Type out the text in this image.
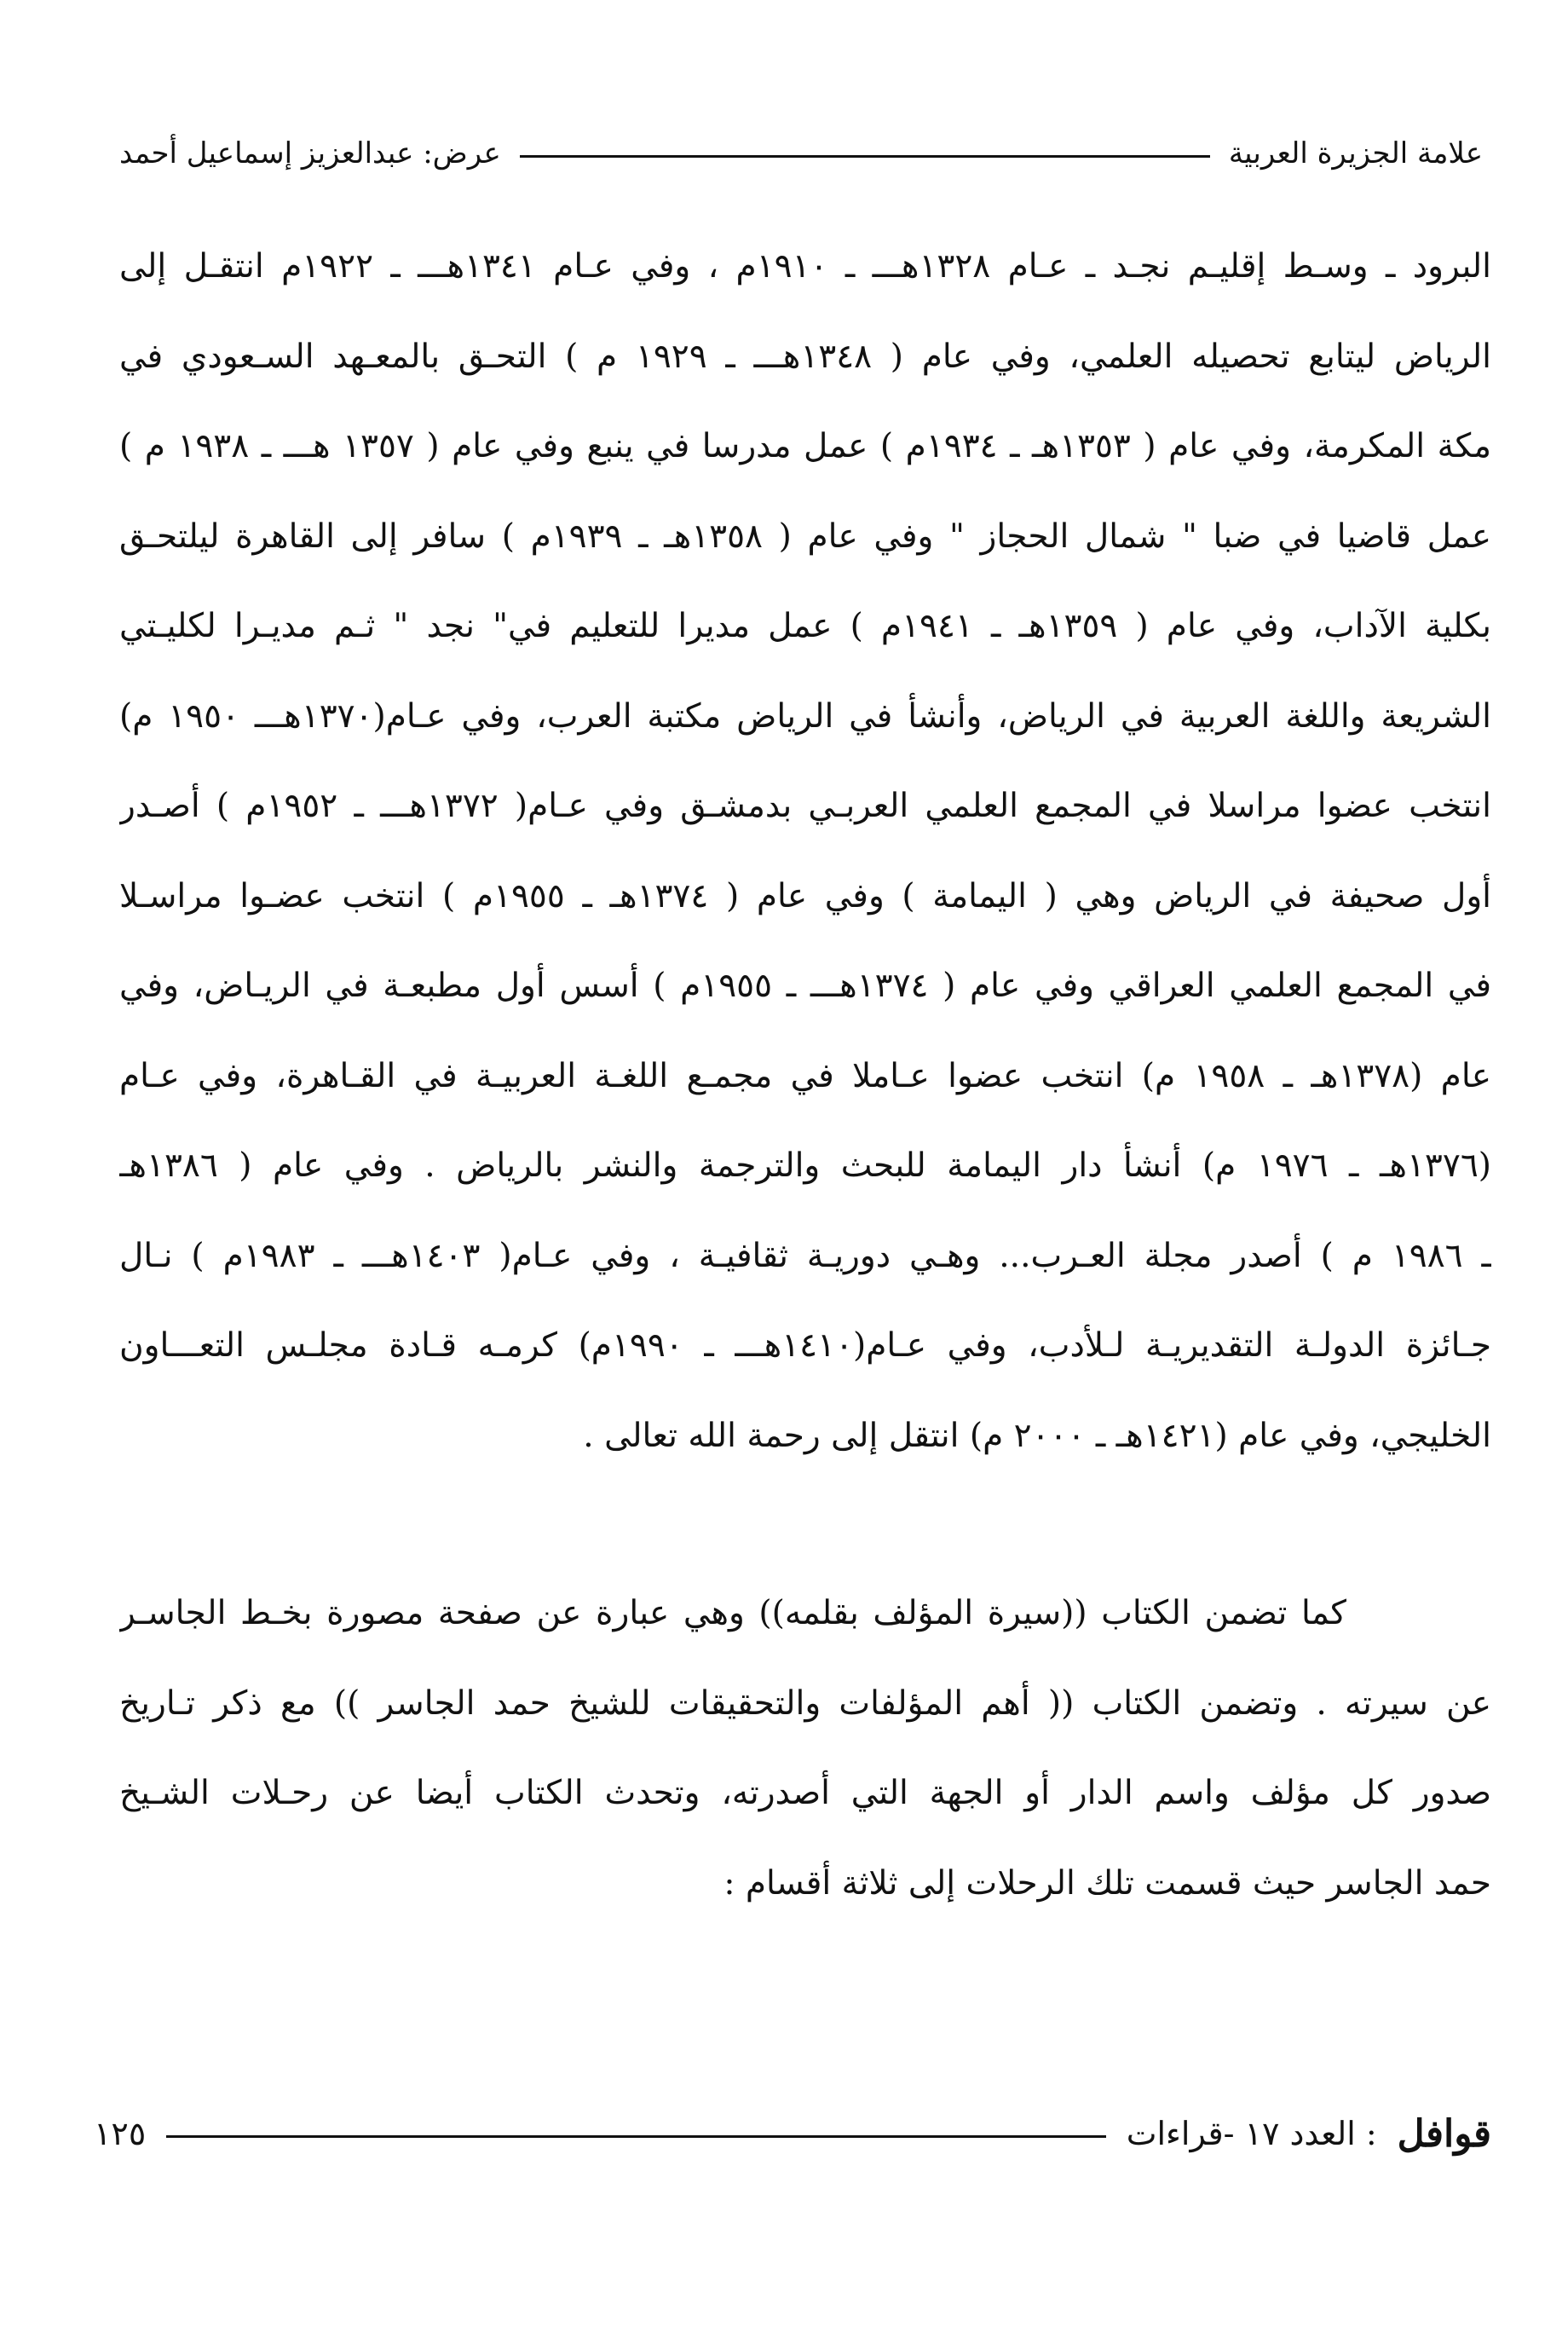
علامة الجزيرة العربية
عرض: عبدالعزيز إسماعيل أحمد
البرود ـ وسـط إقليـم نجـد ـ عـام ١٣٢٨هـــ ـ ١٩١٠م ، وفي عـام ١٣٤١هـــ ـ ١٩٢٢م انتقـل إلى
الرياض ليتابع تحصيله العلمي، وفي عام ( ١٣٤٨هـــ ـ ١٩٢٩ م ) التحـق بالمعـهد السـعودي في
مكة المكرمة، وفي عام ( ١٣٥٣هـ ـ ١٩٣٤م ) عمل مدرسا في ينبع وفي عام ( ١٣٥٧ هـــ ـ ١٩٣٨ م )
عمل قاضيا في ضبا " شمال الحجاز " وفي عام ( ١٣٥٨هـ ـ ١٩٣٩م ) سافر إلى القاهرة ليلتحـق
بكلية الآداب، وفي عام ( ١٣٥٩هـ ـ ١٩٤١م ) عمل مديرا للتعليم في" نجد " ثـم مديـرا لكليـتي
الشريعة واللغة العربية في الرياض، وأنشأ في الرياض مكتبة العرب، وفي عـام(١٣٧٠هـــ ١٩٥٠ م)
انتخب عضوا مراسلا في المجمع العلمي العربـي بدمشـق وفي عـام( ١٣٧٢هـــ ـ ١٩٥٢م ) أصـدر
أول صحيفة في الرياض وهي ( اليمامة ) وفي عام ( ١٣٧٤هـ ـ ١٩٥٥م ) انتخب عضـوا مراسـلا
في المجمع العلمي العراقي وفي عام ( ١٣٧٤هـــ ـ ١٩٥٥م ) أسس أول مطبعـة في الريـاض، وفي
عام (١٣٧٨هـ ـ ١٩٥٨ م) انتخب عضوا عـاملا في مجمـع اللغـة العربيـة في القـاهرة، وفي عـام
(١٣٧٦هـ ـ ١٩٧٦ م) أنشأ دار اليمامة للبحث والترجمة والنشر بالرياض . وفي عام ( ١٣٨٦هـ
ـ ١٩٨٦ م ) أصدر مجلة العـرب... وهـي دوريـة ثقافيـة ، وفي عـام( ١٤٠٣هـــ ـ ١٩٨٣م ) نـال
جـائزة الدولـة التقديريـة لـلأدب، وفي عـام(١٤١٠هـــ ـ ١٩٩٠م) كرمـه قـادة مجلـس التعـــاون
الخليجي، وفي عام (١٤٢١هـ ـ ٢٠٠٠ م) انتقل إلى رحمة الله تعالى .
كما تضمن الكتاب ((سيرة المؤلف بقلمه)) وهي عبارة عن صفحة مصورة بخـط الجاسـر
عن سيرته . وتضمن الكتاب (( أهم المؤلفات والتحقيقات للشيخ حمد الجاسر )) مع ذكر تـاريخ
صدور كل مؤلف واسم الدار أو الجهة التي أصدرته، وتحدث الكتاب أيضا عن رحـلات الشـيخ
حمد الجاسر حيث قسمت تلك الرحلات إلى ثلاثة أقسام :
قوافل
: العدد ١٧ -قراءات
١٢٥
